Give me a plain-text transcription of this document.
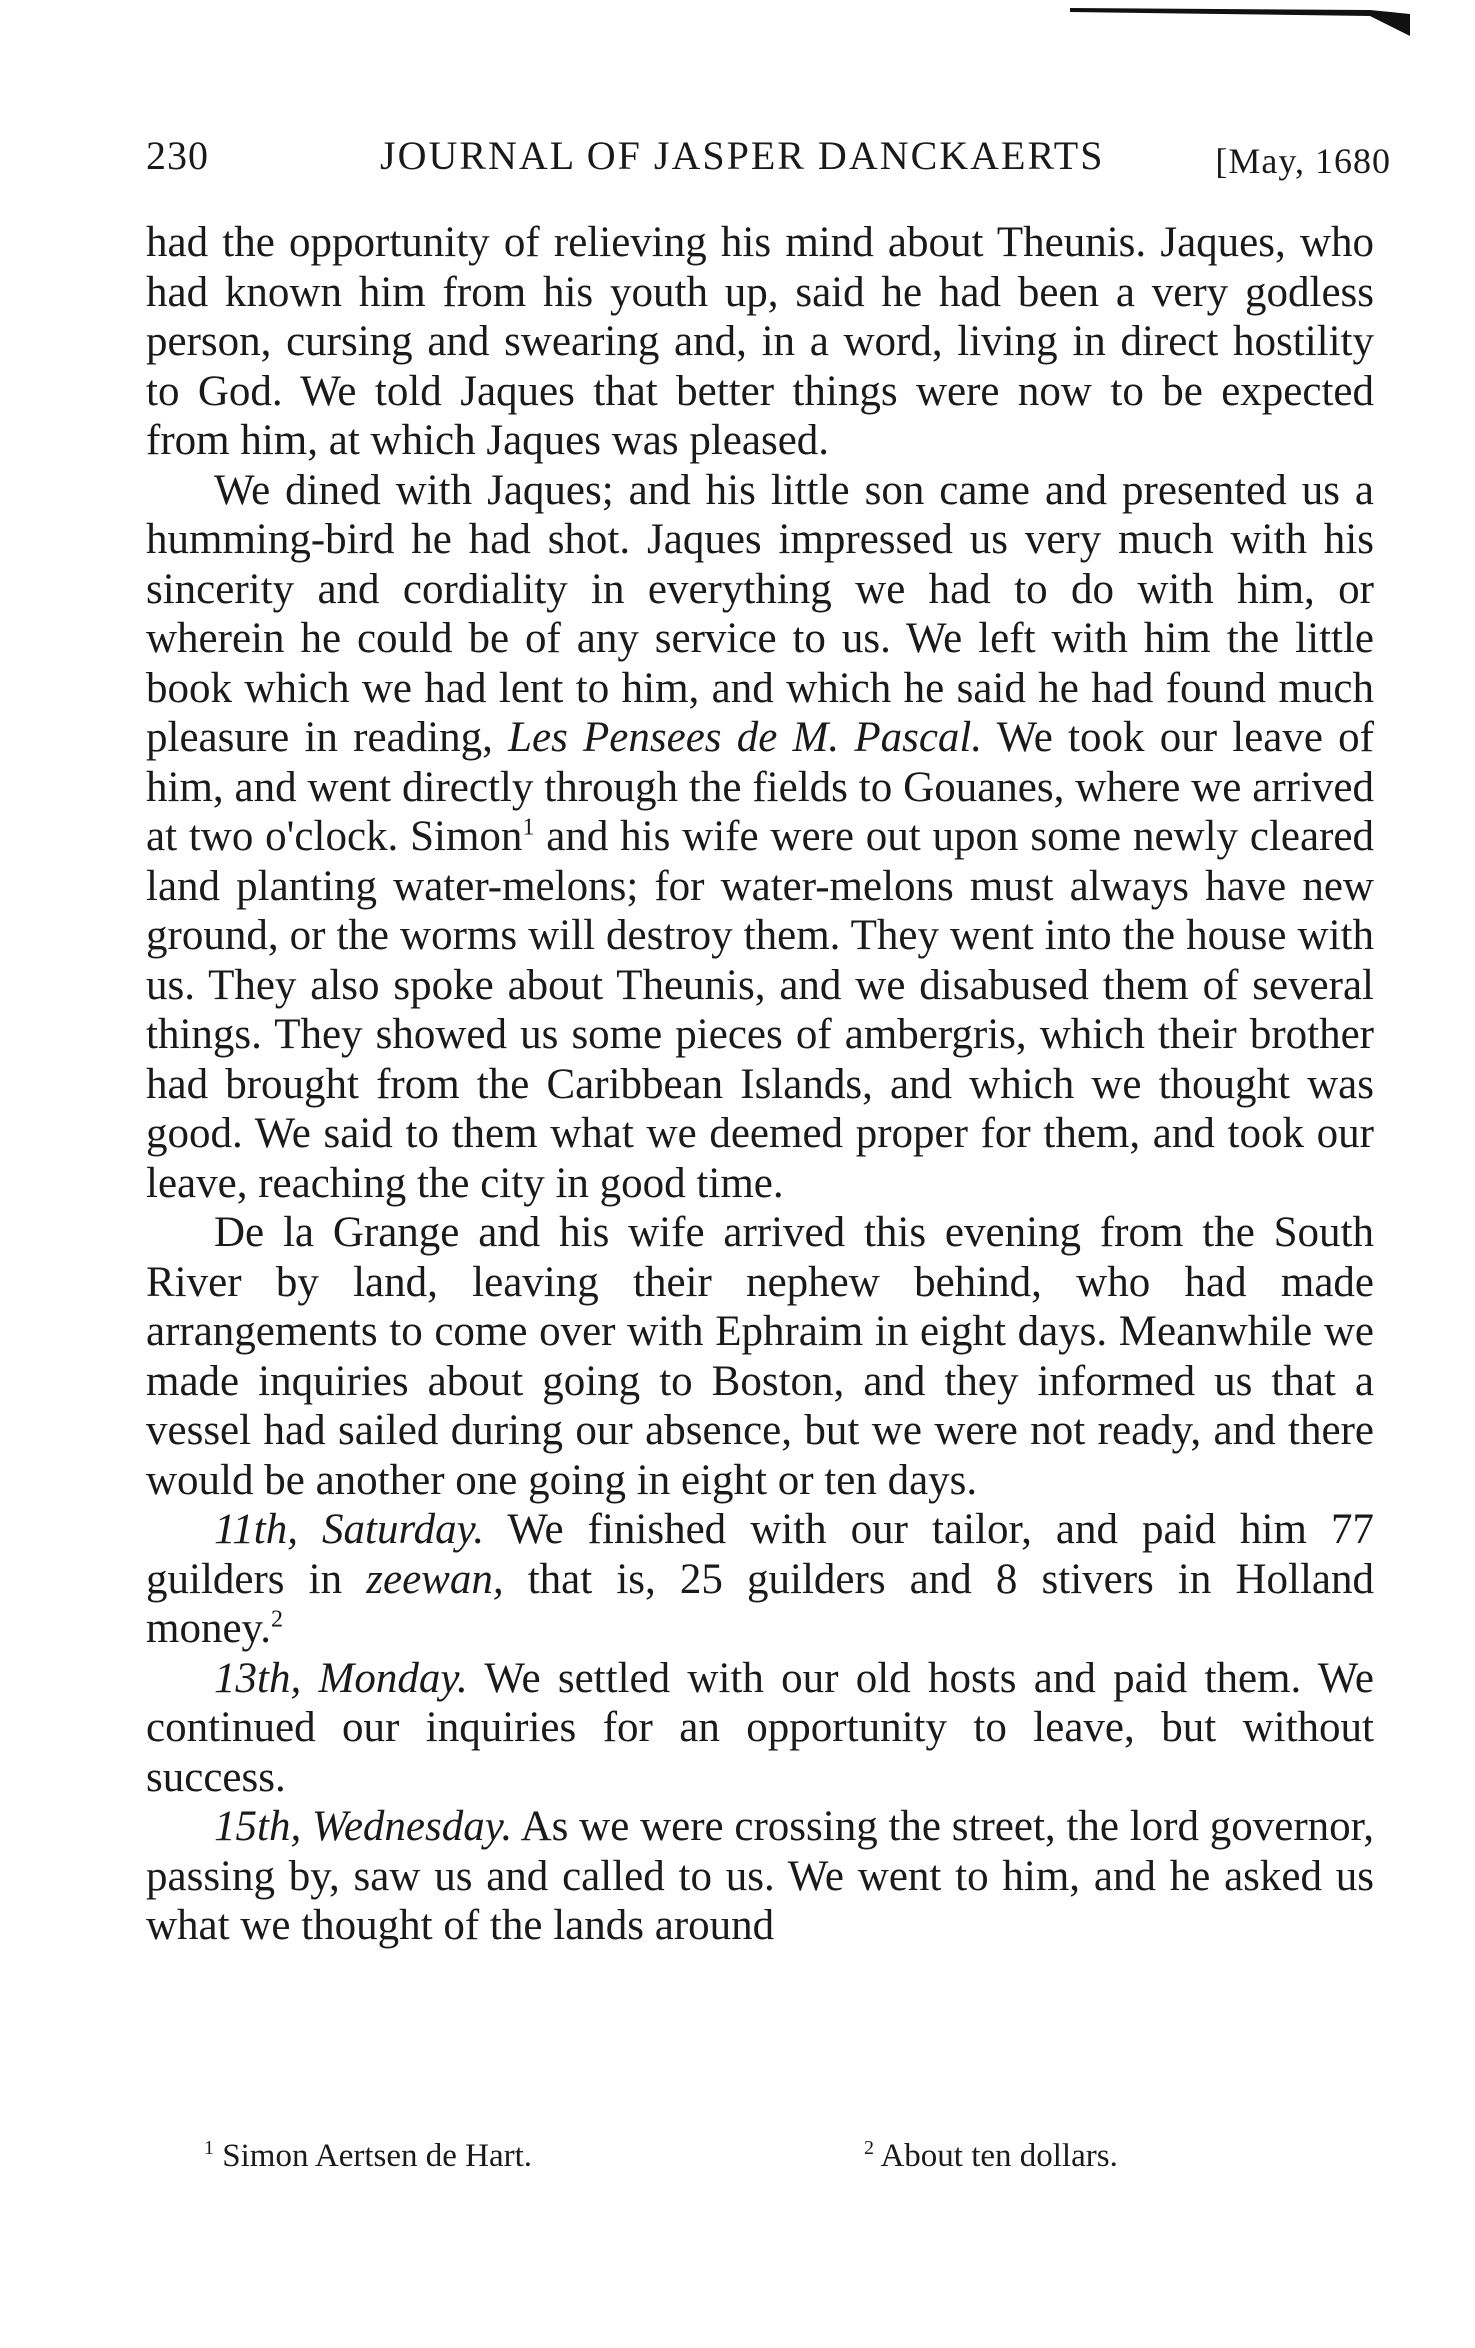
230	JOURNAL OF JASPER DANCKAERTS	[May, 1680

had the opportunity of relieving his mind about Theunis. Jaques, who had known him from his youth up, said he had been a very godless person, cursing and swearing and, in a word, living in direct hostility to God. We told Jaques that better things were now to be expected from him, at which Jaques was pleased.

We dined with Jaques; and his little son came and presented us a humming-bird he had shot. Jaques impressed us very much with his sincerity and cordiality in everything we had to do with him, or wherein he could be of any service to us. We left with him the little book which we had lent to him, and which he said he had found much pleasure in reading, Les Pensees de M. Pascal. We took our leave of him, and went directly through the fields to Gouanes, where we arrived at two o'clock. Simon$^1$ and his wife were out upon some newly cleared land planting water-melons; for water-melons must always have new ground, or the worms will destroy them. They went into the house with us. They also spoke about Theunis, and we disabused them of several things. They showed us some pieces of ambergris, which their brother had brought from the Caribbean Islands, and which we thought was good. We said to them what we deemed proper for them, and took our leave, reaching the city in good time.

De la Grange and his wife arrived this evening from the South River by land, leaving their nephew behind, who had made arrangements to come over with Ephraim in eight days. Meanwhile we made inquiries about going to Boston, and they informed us that a vessel had sailed during our absence, but we were not ready, and there would be another one going in eight or ten days.

11th, Saturday. We finished with our tailor, and paid him 77 guilders in zeewan, that is, 25 guilders and 8 stivers in Holland money.$^2$

13th, Monday. We settled with our old hosts and paid them. We continued our inquiries for an opportunity to leave, but without success.

15th, Wednesday. As we were crossing the street, the lord governor, passing by, saw us and called to us. We went to him, and he asked us what we thought of the lands around

$^1$ Simon Aertsen de Hart.	$^2$ About ten dollars.
